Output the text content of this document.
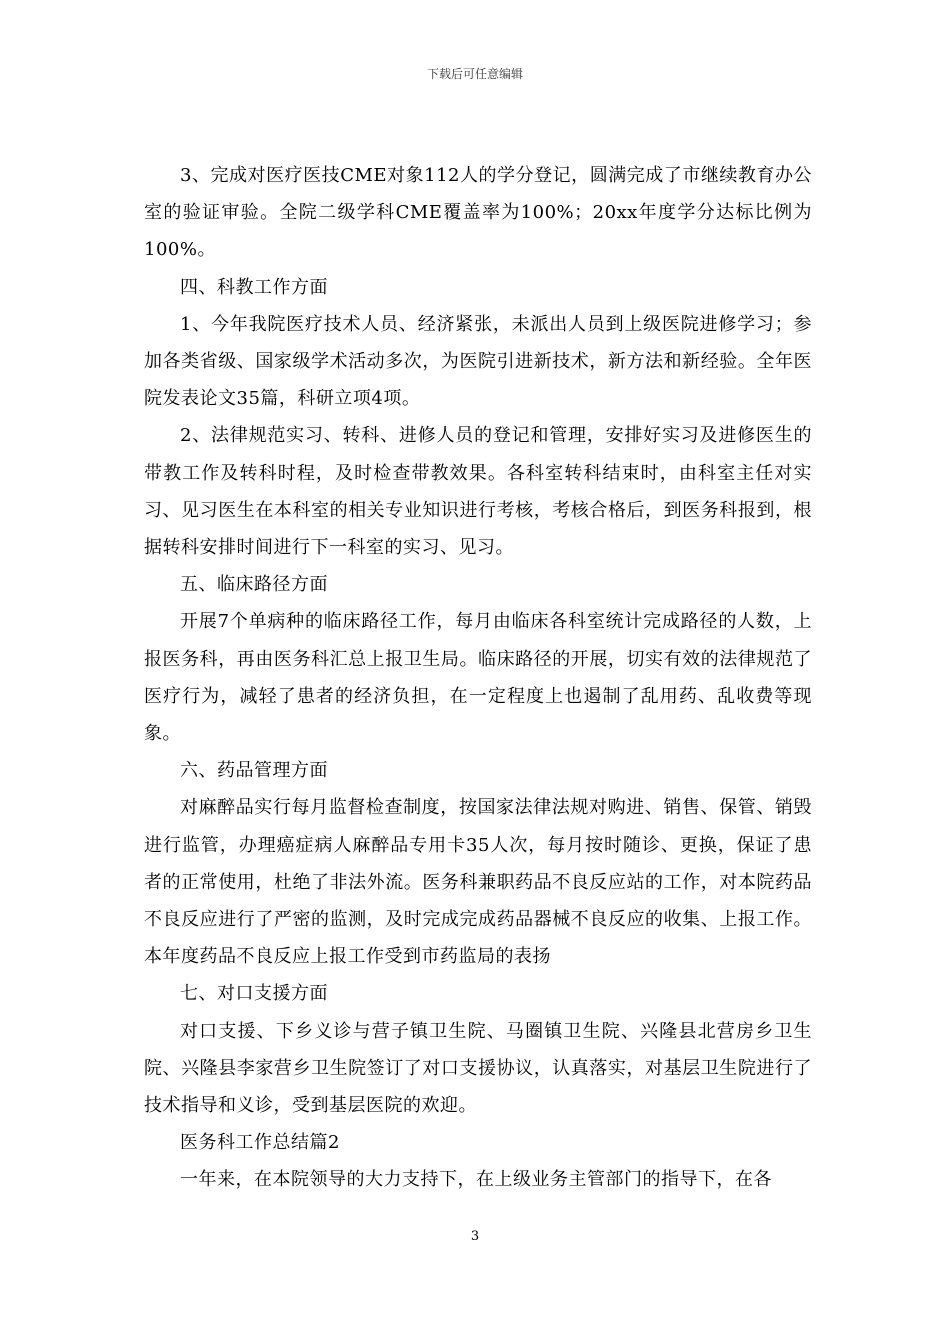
下载后可任意编辑

3、完成对医疗医技CME对象112人的学分登记，圆满完成了市继续教育办公室的验证审验。全院二级学科CME覆盖率为100%；20xx年度学分达标比例为100%。

四、科教工作方面

1、今年我院医疗技术人员、经济紧张，未派出人员到上级医院进修学习；参加各类省级、国家级学术活动多次，为医院引进新技术，新方法和新经验。全年医院发表论文35篇，科研立项4项。

2、法律规范实习、转科、进修人员的登记和管理，安排好实习及进修医生的带教工作及转科时程，及时检查带教效果。各科室转科结束时，由科室主任对实习、见习医生在本科室的相关专业知识进行考核，考核合格后，到医务科报到，根据转科安排时间进行下一科室的实习、见习。

五、临床路径方面

开展7个单病种的临床路径工作，每月由临床各科室统计完成路径的人数，上报医务科，再由医务科汇总上报卫生局。临床路径的开展，切实有效的法律规范了医疗行为，减轻了患者的经济负担，在一定程度上也遏制了乱用药、乱收费等现象。

六、药品管理方面

对麻醉品实行每月监督检查制度，按国家法律法规对购进、销售、保管、销毁进行监管，办理癌症病人麻醉品专用卡35人次，每月按时随诊、更换，保证了患者的正常使用，杜绝了非法外流。医务科兼职药品不良反应站的工作，对本院药品不良反应进行了严密的监测，及时完成完成药品器械不良反应的收集、上报工作。本年度药品不良反应上报工作受到市药监局的表扬

七、对口支援方面

对口支援、下乡义诊与营子镇卫生院、马圈镇卫生院、兴隆县北营房乡卫生院、兴隆县李家营乡卫生院签订了对口支援协议，认真落实，对基层卫生院进行了技术指导和义诊，受到基层医院的欢迎。

医务科工作总结篇2

一年来，在本院领导的大力支持下，在上级业务主管部门的指导下，在各

3
